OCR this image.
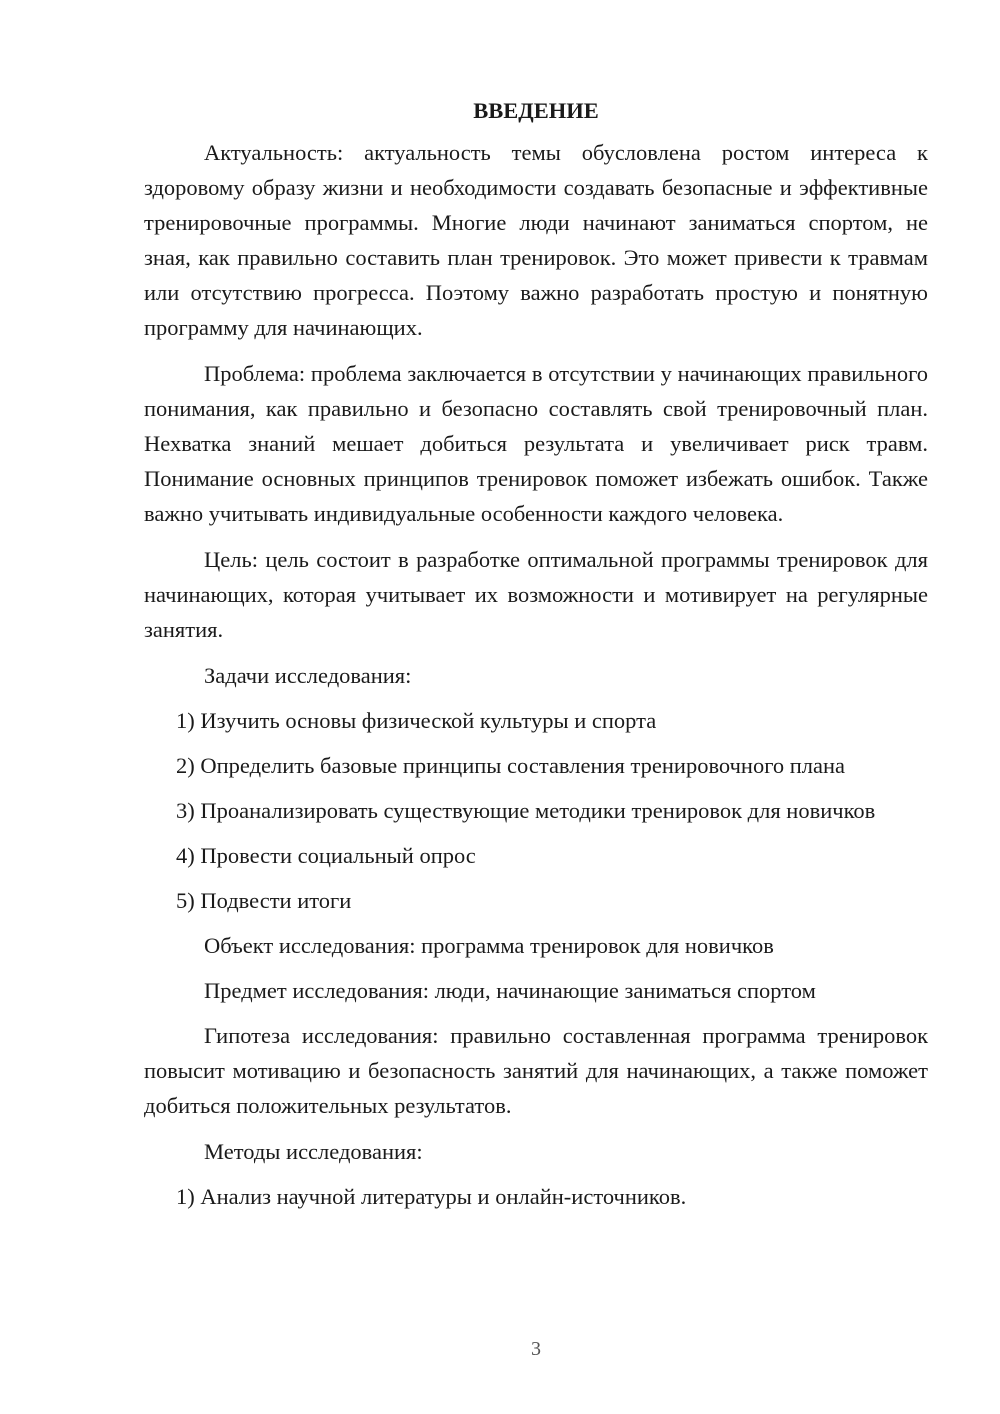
ВВЕДЕНИЕ

Актуальность: актуальность темы обусловлена ростом интереса к здоровому образу жизни и необходимости создавать безопасные и эффективные тренировочные программы. Многие люди начинают заниматься спортом, не зная, как правильно составить план тренировок. Это может привести к травмам или отсутствию прогресса. Поэтому важно разработать простую и понятную программу для начинающих.

Проблема: проблема заключается в отсутствии у начинающих правильного понимания, как правильно и безопасно составлять свой тренировочный план. Нехватка знаний мешает добиться результата и увеличивает риск травм. Понимание основных принципов тренировок поможет избежать ошибок. Также важно учитывать индивидуальные особенности каждого человека.

Цель: цель состоит в разработке оптимальной программы тренировок для начинающих, которая учитывает их возможности и мотивирует на регулярные занятия.

Задачи исследования:

1) Изучить основы физической культуры и спорта

2) Определить базовые принципы составления тренировочного плана

3) Проанализировать существующие методики тренировок для новичков

4) Провести социальный опрос

5) Подвести итоги

Объект исследования: программа тренировок для новичков

Предмет исследования: люди, начинающие заниматься спортом

Гипотеза исследования: правильно составленная программа тренировок повысит мотивацию и безопасность занятий для начинающих, а также поможет добиться положительных результатов.

Методы исследования:

1) Анализ научной литературы и онлайн-источников.

3
